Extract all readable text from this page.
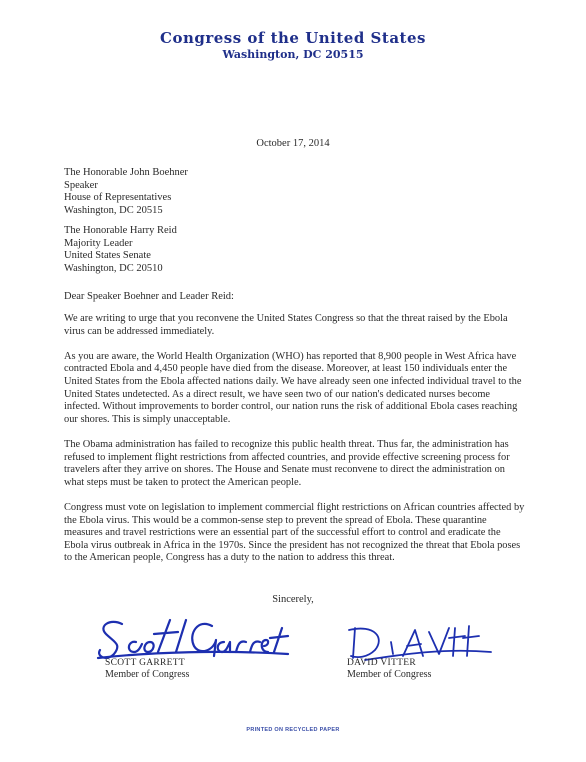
Congress of the United States
Washington, DC 20515
October 17, 2014
The Honorable John Boehner
Speaker
House of Representatives
Washington, DC 20515
The Honorable Harry Reid
Majority Leader
United States Senate
Washington, DC 20510
Dear Speaker Boehner and Leader Reid:

We are writing to urge that you reconvene the United States Congress so that the threat raised by the Ebola virus can be addressed immediately.

As you are aware, the World Health Organization (WHO) has reported that 8,900 people in West Africa have contracted Ebola and 4,450 people have died from the disease. Moreover, at least 150 individuals enter the United States from the Ebola affected nations daily. We have already seen one infected individual travel to the United States undetected. As a direct result, we have seen two of our nation's dedicated nurses become infected. Without improvements to border control, our nation runs the risk of additional Ebola cases reaching our shores. This is simply unacceptable.

The Obama administration has failed to recognize this public health threat. Thus far, the administration has refused to implement flight restrictions from affected countries, and provide effective screening process for travelers after they arrive on shores. The House and Senate must reconvene to direct the administration on what steps must be taken to protect the American people.

Congress must vote on legislation to implement commercial flight restrictions on African countries affected by the Ebola virus. This would be a common-sense step to prevent the spread of Ebola. These quarantine measures and travel restrictions were an essential part of the successful effort to control and eradicate the Ebola virus outbreak in Africa in the 1970s. Since the president has not recognized the threat that Ebola poses to the American people, Congress has a duty to the nation to address this threat.

Sincerely,
SCOTT GARRETT
Member of Congress
DAVID VITTER
Member of Congress
PRINTED ON RECYCLED PAPER
